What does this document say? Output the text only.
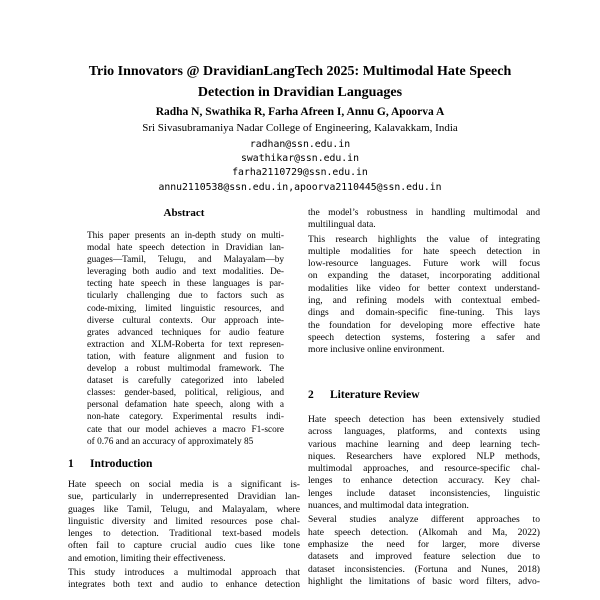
Trio Innovators @ DravidianLangTech 2025: Multimodal Hate Speech
Detection in Dravidian Languages
Radha N, Swathika R, Farha Afreen I, Annu G, Apoorva A
Sri Sivasubramaniya Nadar College of Engineering, Kalavakkam, India
radhan@ssn.edu.in
swathikar@ssn.edu.in
farha2110729@ssn.edu.in
annu2110538@ssn.edu.in,apoorva2110445@ssn.edu.in
Abstract
This paper presents an in-depth study on multi-
modal hate speech detection in Dravidian lan-
guages—Tamil, Telugu, and Malayalam—by
leveraging both audio and text modalities. De-
tecting hate speech in these languages is par-
ticularly challenging due to factors such as
code-mixing, limited linguistic resources, and
diverse cultural contexts. Our approach inte-
grates advanced techniques for audio feature
extraction and XLM-Roberta for text represen-
tation, with feature alignment and fusion to
develop a robust multimodal framework. The
dataset is carefully categorized into labeled
classes: gender-based, political, religious, and
personal defamation hate speech, along with a
non-hate category. Experimental results indi-
cate that our model achieves a macro F1-score
of 0.76 and an accuracy of approximately 85
1 Introduction
Hate speech on social media is a significant is-
sue, particularly in underrepresented Dravidian lan-
guages like Tamil, Telugu, and Malayalam, where
linguistic diversity and limited resources pose chal-
lenges to detection. Traditional text-based models
often fail to capture crucial audio cues like tone
and emotion, limiting their effectiveness.
This study introduces a multimodal approach that
integrates both text and audio to enhance detection
the model’s robustness in handling multimodal and
multilingual data.
This research highlights the value of integrating
multiple modalities for hate speech detection in
low-resource languages. Future work will focus
on expanding the dataset, incorporating additional
modalities like video for better context understand-
ing, and refining models with contextual embed-
dings and domain-specific fine-tuning. This lays
the foundation for developing more effective hate
speech detection systems, fostering a safer and
more inclusive online environment.
2 Literature Review
Hate speech detection has been extensively studied
across languages, platforms, and contexts using
various machine learning and deep learning tech-
niques. Researchers have explored NLP methods,
multimodal approaches, and resource-specific chal-
lenges to enhance detection accuracy. Key chal-
lenges include dataset inconsistencies, linguistic
nuances, and multimodal data integration.
Several studies analyze different approaches to
hate speech detection. (Alkomah and Ma, 2022)
emphasize the need for larger, more diverse
datasets and improved feature selection due to
dataset inconsistencies. (Fortuna and Nunes, 2018)
highlight the limitations of basic word filters, advo-
